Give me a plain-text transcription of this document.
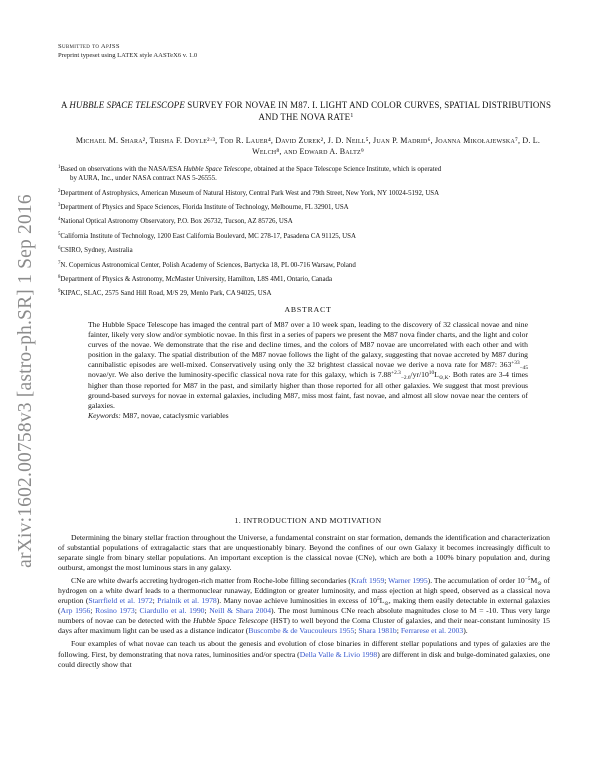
arXiv:1602.00758v3 [astro-ph.SR] 1 Sep 2016
Submitted to ApJSS
Preprint typeset using LATEX style AASTeX6 v. 1.0
A HUBBLE SPACE TELESCOPE SURVEY FOR NOVAE IN M87. I. LIGHT AND COLOR CURVES, SPATIAL DISTRIBUTIONS AND THE NOVA RATE$^1$
Michael M. Shara², Trisha F. Doyle²·³, Tod R. Lauer⁴, David Zurek², J. D. Neill⁵, Juan P. Madrid⁶, Joanna Mikołajewska⁷, D. L. Welch⁸, and Edward A. Baltz⁹
$^1$Based on observations with the NASA/ESA Hubble Space Telescope, obtained at the Space Telescope Science Institute, which is operated
by AURA, Inc., under NASA contract NAS 5-26555.
$^2$Department of Astrophysics, American Museum of Natural History, Central Park West and 79th Street, New York, NY 10024-5192, USA
$^3$Department of Physics and Space Sciences, Florida Institute of Technology, Melbourne, FL 32901, USA
$^4$National Optical Astronomy Observatory, P.O. Box 26732, Tucson, AZ 85726, USA
$^5$California Institute of Technology, 1200 East California Boulevard, MC 278-17, Pasadena CA 91125, USA
$^6$CSIRO, Sydney, Australia
$^7$N. Copernicus Astronomical Center, Polish Academy of Sciences, Bartycka 18, PL 00-716 Warsaw, Poland
$^8$Department of Physics & Astronomy, McMaster University, Hamilton, L8S 4M1, Ontario, Canada
$^9$KIPAC, SLAC, 2575 Sand Hill Road, M/S 29, Menlo Park, CA 94025, USA
ABSTRACT
The Hubble Space Telescope has imaged the central part of M87 over a 10 week span, leading to the discovery of 32 classical novae and nine fainter, likely very slow and/or symbiotic novae. In this first in a series of papers we present the M87 nova finder charts, and the light and color curves of the novae. We demonstrate that the rise and decline times, and the colors of M87 novae are uncorrelated with each other and with position in the galaxy. The spatial distribution of the M87 novae follows the light of the galaxy, suggesting that novae accreted by M87 during cannibalistic episodes are well-mixed. Conservatively using only the 32 brightest classical novae we derive a nova rate for M87: $363^{+33}_{-45}$ novae/yr. We also derive the luminosity-specific classical nova rate for this galaxy, which is $7.88^{+2.3}_{-2.6}/yr/10^{10}L_{⊙,K}$. Both rates are 3-4 times higher than those reported for M87 in the past, and similarly higher than those reported for all other galaxies. We suggest that most previous ground-based surveys for novae in external galaxies, including M87, miss most faint, fast novae, and almost all slow novae near the centers of galaxies.
Keywords: M87, novae, cataclysmic variables
1. INTRODUCTION AND MOTIVATION

Determining the binary stellar fraction throughout the Universe, a fundamental constraint on star formation, demands the identification and characterization of substantial populations of extragalactic stars that are unquestionably binary. Beyond the confines of our own Galaxy it becomes increasingly difficult to separate single from binary stellar populations. An important exception is the classical novae (CNe), which are both a 100% binary population and, during outburst, amongst the most luminous stars in any galaxy.

CNe are white dwarfs accreting hydrogen-rich matter from Roche-lobe filling secondaries (Kraft 1959; Warner 1995). The accumulation of order $10^{-5}M_⊙$ of hydrogen on a white dwarf leads to a thermonuclear runaway, Eddington or greater luminosity, and mass ejection at high speed, observed as a classical nova eruption (Starrfield et al. 1972; Prialnik et al. 1978). Many novae achieve luminosities in excess of $10^5L_⊙$, making them easily detectable in external galaxies (Arp 1956; Rosino 1973; Ciardullo et al. 1990; Neill & Shara 2004). The most luminous CNe reach absolute magnitudes close to M = -10. Thus very large numbers of novae can be detected with the Hubble Space Telescope (HST) to well beyond the Coma Cluster of galaxies, and their near-constant luminosity 15 days after maximum light can be used as a distance indicator (Buscombe & de Vaucouleurs 1955; Shara 1981b; Ferrarese et al. 2003).

Four examples of what novae can teach us about the genesis and evolution of close binaries in different stellar populations and types of galaxies are the following. First, by demonstrating that nova rates, luminosities and/or spectra (Della Valle & Livio 1998) are different in disk and bulge-dominated galaxies, one could directly show that
